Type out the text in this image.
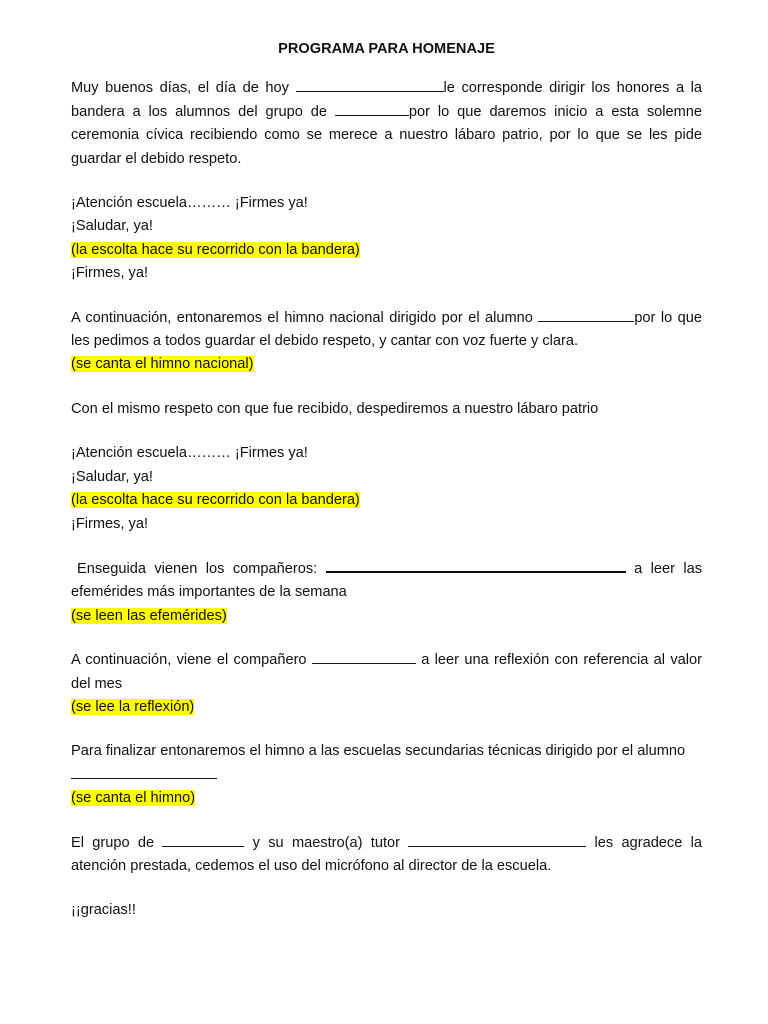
PROGRAMA PARA HOMENAJE

Muy buenos días, el día de hoy	le corresponde dirigir los honores a la bandera a los alumnos del grupo de	por lo que daremos inicio a esta solemne ceremonia cívica recibiendo como se merece a nuestro lábaro patrio, por lo que se les pide guardar el debido respeto.

¡Atención escuela……… ¡Firmes ya!
¡Saludar, ya!
(la escolta hace su recorrido con la bandera)
¡Firmes, ya!

A continuación, entonaremos el himno nacional dirigido por el alumno	por lo que les pedimos a todos guardar el debido respeto, y cantar con voz fuerte y clara.

(se canta el himno nacional)

Con el mismo respeto con que fue recibido, despediremos a nuestro lábaro patrio

¡Atención escuela……… ¡Firmes ya!
¡Saludar, ya!
(la escolta hace su recorrido con la bandera)
¡Firmes, ya!

Enseguida vienen los compañeros:	a leer las efemérides más importantes de la semana

(se leen las efemérides)

A continuación, viene el compañero	a leer una reflexión con referencia al valor del mes

(se lee la reflexión)

Para finalizar entonaremos el himno a las escuelas secundarias técnicas dirigido por el alumno

(se canta el himno)

El grupo de	y su maestro(a) tutor	les agradece la atención prestada, cedemos el uso del micrófono al director de la escuela.

¡¡gracias!!
